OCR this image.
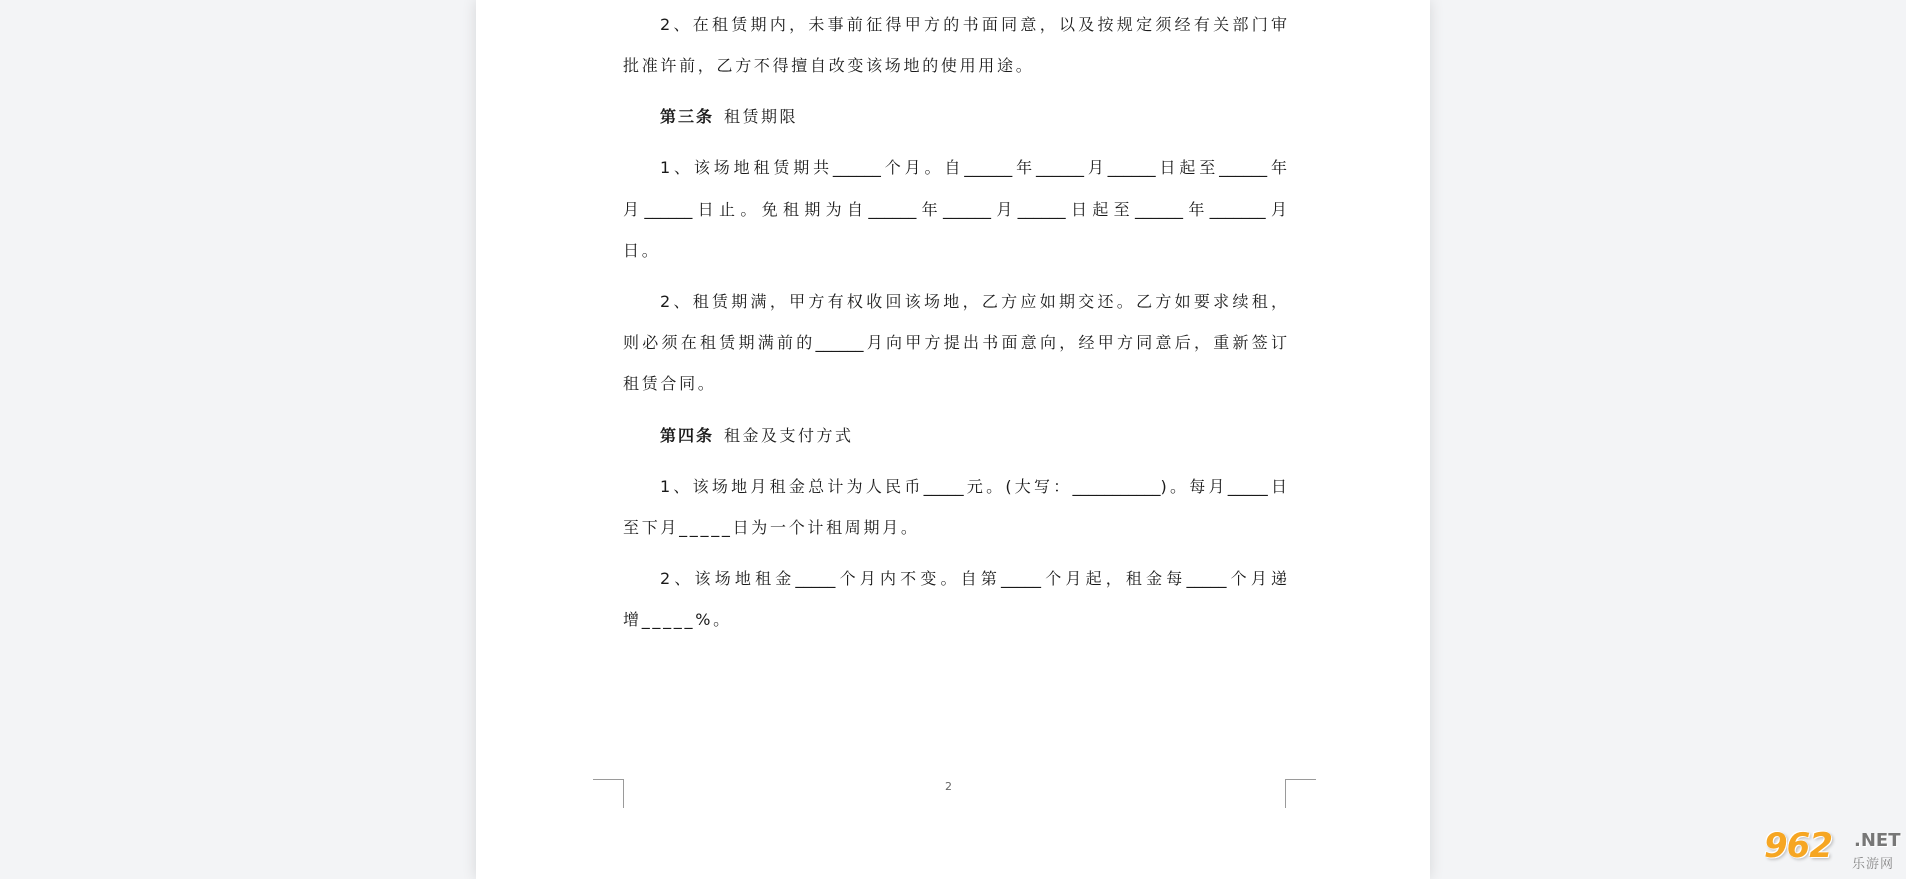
2、在租赁期内，未事前征得甲方的书面同意，以及按规定须经有关部门审
批准许前，乙方不得擅自改变该场地的使用用途。
第三条 租赁期限
1、该场地租赁期共______个月。自______年______月______日起至______年
月______日止。免租期为自______年______月______日起至______年_______月
日。
2、租赁期满，甲方有权收回该场地，乙方应如期交还。乙方如要求续租，
则必须在租赁期满前的______月向甲方提出书面意向，经甲方同意后，重新签订
租赁合同。
第四条 租金及支付方式
1、该场地月租金总计为人民币_____元。(大写：___________)。每月_____日
至下月_____日为一个计租周期月。
2、该场地租金_____个月内不变。自第_____个月起，租金每_____个月递
增_____%。
2
962 .NET
乐游网
